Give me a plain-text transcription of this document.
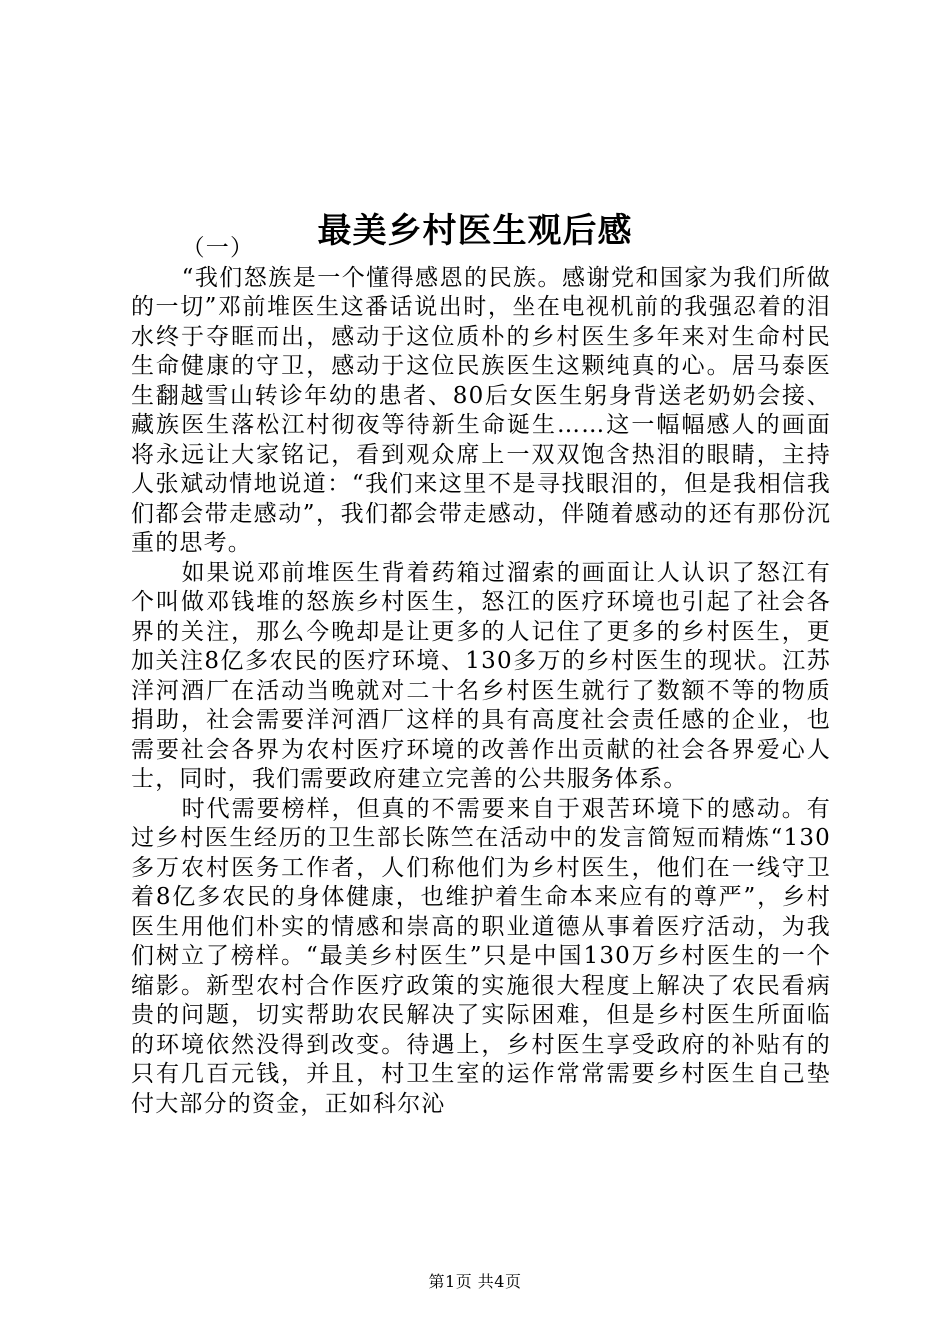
最美乡村医生观后感

（一）

“我们怒族是一个懂得感恩的民族。感谢党和国家为我们所做的一切”邓前堆医生这番话说出时，坐在电视机前的我强忍着的泪水终于夺眶而出，感动于这位质朴的乡村医生多年来对生命村民生命健康的守卫，感动于这位民族医生这颗纯真的心。居马泰医生翻越雪山转诊年幼的患者、80后女医生躬身背送老奶奶会接、藏族医生落松江村彻夜等待新生命诞生……这一幅幅感人的画面将永远让大家铭记，看到观众席上一双双饱含热泪的眼睛，主持人张斌动情地说道：“我们来这里不是寻找眼泪的，但是我相信我们都会带走感动”，我们都会带走感动，伴随着感动的还有那份沉重的思考。

如果说邓前堆医生背着药箱过溜索的画面让人认识了怒江有个叫做邓钱堆的怒族乡村医生，怒江的医疗环境也引起了社会各界的关注，那么今晚却是让更多的人记住了更多的乡村医生，更加关注8亿多农民的医疗环境、130多万的乡村医生的现状。江苏洋河酒厂在活动当晚就对二十名乡村医生就行了数额不等的物质捐助，社会需要洋河酒厂这样的具有高度社会责任感的企业，也需要社会各界为农村医疗环境的改善作出贡献的社会各界爱心人士，同时，我们需要政府建立完善的公共服务体系。

时代需要榜样，但真的不需要来自于艰苦环境下的感动。有过乡村医生经历的卫生部长陈竺在活动中的发言简短而精炼“130多万农村医务工作者，人们称他们为乡村医生，他们在一线守卫着8亿多农民的身体健康，也维护着生命本来应有的尊严”，乡村医生用他们朴实的情感和崇高的职业道德从事着医疗活动，为我们树立了榜样。“最美乡村医生”只是中国130万乡村医生的一个缩影。新型农村合作医疗政策的实施很大程度上解决了农民看病贵的问题，切实帮助农民解决了实际困难，但是乡村医生所面临的环境依然没得到改变。待遇上，乡村医生享受政府的补贴有的只有几百元钱，并且，村卫生室的运作常常需要乡村医生自己垫付大部分的资金，正如科尔沁

第1页 共4页
